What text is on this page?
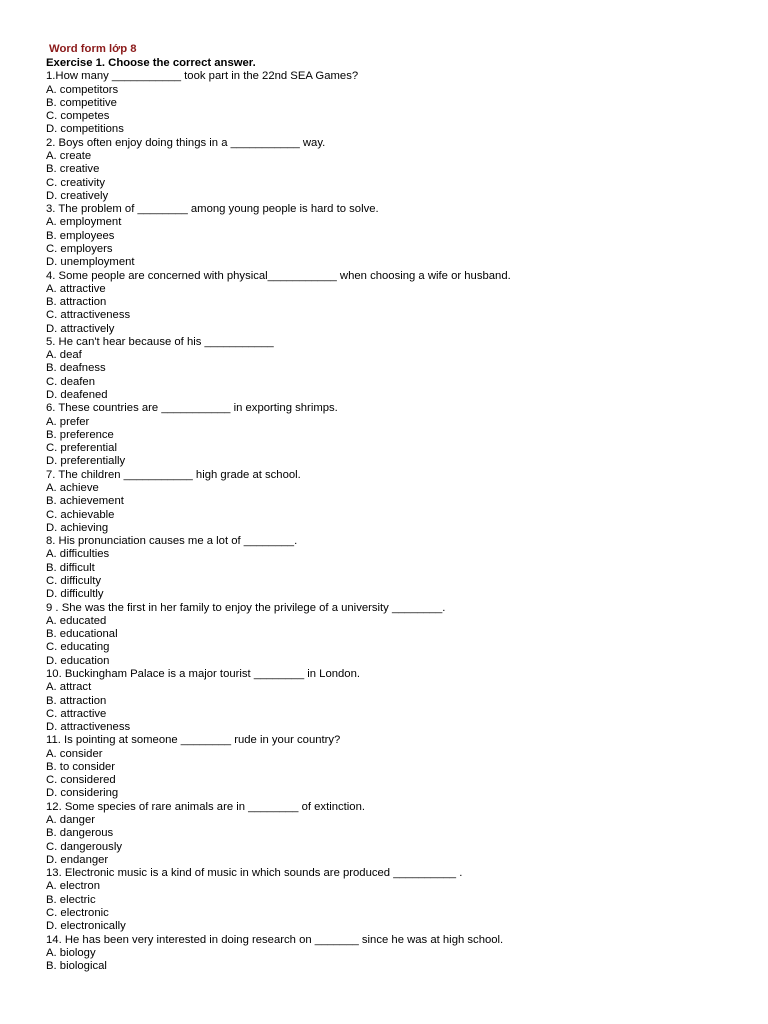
Word form lớp 8
Exercise 1. Choose the correct answer.
1.How many ___________ took part in the 22nd SEA Games?
A. competitors
B. competitive
C. competes
D. competitions
2. Boys often enjoy doing things in a ___________ way.
A. create
B. creative
C. creativity
D. creatively
3. The problem of ________ among young people is hard to solve.
A. employment
B. employees
C. employers
D. unemployment
4. Some people are concerned with physical___________ when choosing a wife or husband.
A. attractive
B. attraction
C. attractiveness
D. attractively
5. He can't hear because of his ___________
A. deaf
B. deafness
C. deafen
D. deafened
6. These countries are ___________ in exporting shrimps.
A. prefer
B. preference
C. preferential
D. preferentially
7. The children ___________ high grade at school.
A. achieve
B. achievement
C. achievable
D. achieving
8. His pronunciation causes me a lot of ________.
A. difficulties
B. difficult
C. difficulty
D. difficultly
9 . She was the first in her family to enjoy the privilege of a university ________.
A. educated
B. educational
C. educating
D. education
10. Buckingham Palace is a major tourist ________ in London.
A. attract
B. attraction
C. attractive
D. attractiveness
11. Is pointing at someone ________ rude in your country?
A. consider
B. to consider
C. considered
D. considering
12. Some species of rare animals are in ________ of extinction.
A. danger
B. dangerous
C. dangerously
D. endanger
13. Electronic music is a kind of music in which sounds are produced __________ .
A. electron
B. electric
C. electronic
D. electronically
14. He has been very interested in doing research on _______ since he was at high school.
A. biology
B. biological
